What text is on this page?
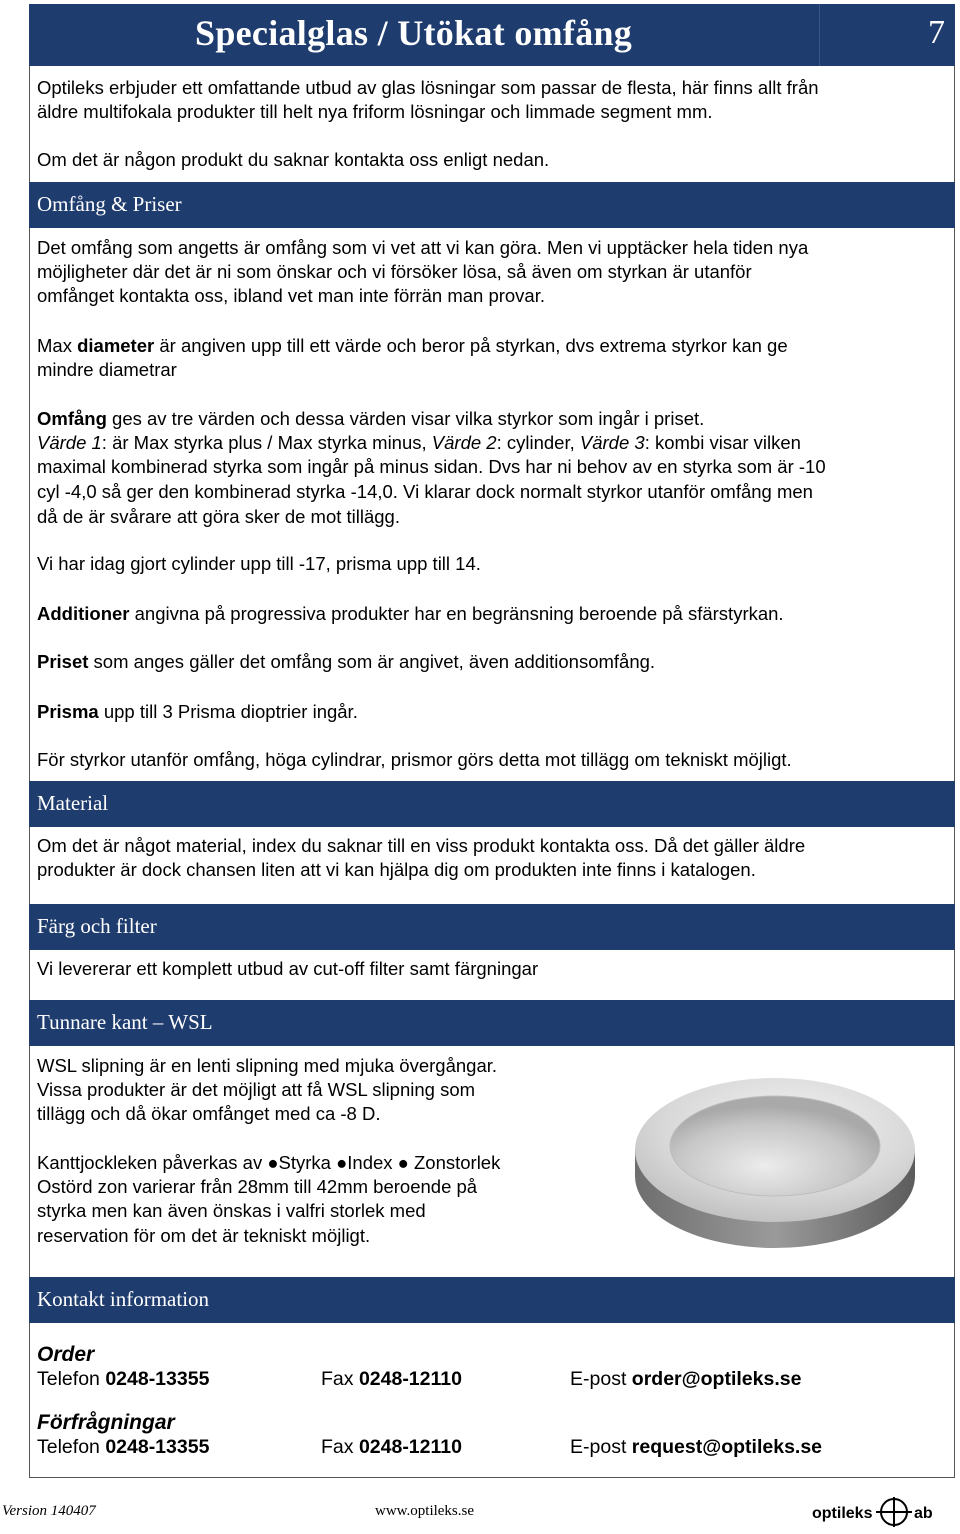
Specialglas / Utökat omfång	7
Optileks erbjuder ett omfattande utbud av glas lösningar som passar de flesta, här finns allt från
äldre multifokala produkter till helt nya friform lösningar och limmade segment mm.
Om det är någon produkt du saknar kontakta oss enligt nedan.
Omfång & Priser
Det omfång som angetts är omfång som vi vet att vi kan göra. Men vi upptäcker hela tiden nya
möjligheter där det är ni som önskar och vi försöker lösa, så även om styrkan är utanför
omfånget kontakta oss, ibland vet man inte förrän man provar.
Max diameter är angiven upp till ett värde och beror på styrkan, dvs extrema styrkor kan ge
mindre diametrar
Omfång ges av tre värden och dessa värden visar vilka styrkor som ingår i priset.
Värde 1: är Max styrka plus / Max styrka minus, Värde 2: cylinder, Värde 3: kombi visar vilken
maximal kombinerad styrka som ingår på minus sidan. Dvs har ni behov av en styrka som är -10
cyl -4,0 så ger den kombinerad styrka -14,0. Vi klarar dock normalt styrkor utanför omfång men
då de är svårare att göra sker de mot tillägg.
Vi har idag gjort cylinder upp till -17, prisma upp till 14.
Additioner angivna på progressiva produkter har en begränsning beroende på sfärstyrkan.
Priset som anges gäller det omfång som är angivet, även additionsomfång.
Prisma upp till 3 Prisma dioptrier ingår.
För styrkor utanför omfång, höga cylindrar, prismor görs detta mot tillägg om tekniskt möjligt.
Material
Om det är något material, index du saknar till en viss produkt kontakta oss. Då det gäller äldre
produkter är dock chansen liten att vi kan hjälpa dig om produkten inte finns i katalogen.
Färg och filter
Vi levererar ett komplett utbud av cut-off filter samt färgningar
Tunnare kant – WSL
WSL slipning är en lenti slipning med mjuka övergångar.
Vissa produkter är det möjligt att få WSL slipning som
tillägg och då ökar omfånget med ca -8 D.
Kanttjockleken påverkas av ●Styrka ●Index ● Zonstorlek
Ostörd zon varierar från 28mm till 42mm beroende på
styrka men kan även önskas i valfri storlek med
reservation för om det är tekniskt möjligt.
Kontakt information
Order
Telefon 0248-13355	Fax 0248-12110	E-post order@optileks.se
Förfrågningar
Telefon 0248-13355	Fax 0248-12110	E-post request@optileks.se
Version 140407	www.optileks.se	optileks	ab
